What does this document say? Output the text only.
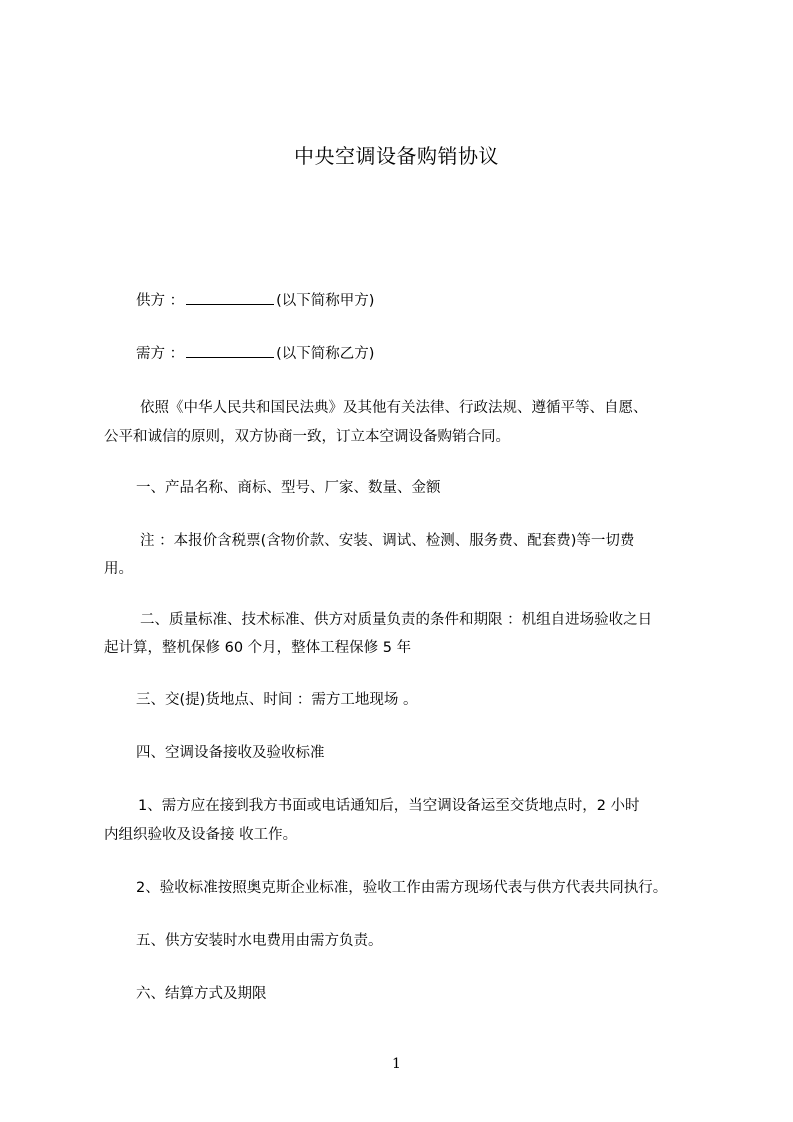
中央空调设备购销协议
供方 ：	(以下简称甲方)
需方 ：	(以下简称乙方)
依照《中华人民共和国民法典》及其他有关法律、行政法规、遵循平等、自愿、
公平和诚信的原则，双方协商一致，订立本空调设备购销合同。
一、产品名称、商标、型号、厂家、数量、金额
注 ：本报价含税票(含物价款、安装、调试、检测、服务费、配套费)等一切费
用。
二、质量标准、技术标准、供方对质量负责的条件和期限 ：机组自进场验收之日
起计算，整机保修 60 个月，整体工程保修 5 年
三、交(提)货地点、时间 ：需方工地现场 。
四、空调设备接收及验收标准
1、需方应在接到我方书面或电话通知后，当空调设备运至交货地点时，2 小时
内组织验收及设备接 收工作。
2、验收标准按照奥克斯企业标准，验收工作由需方现场代表与供方代表共同执行。
五、供方安装时水电费用由需方负责。
六、结算方式及期限
1
